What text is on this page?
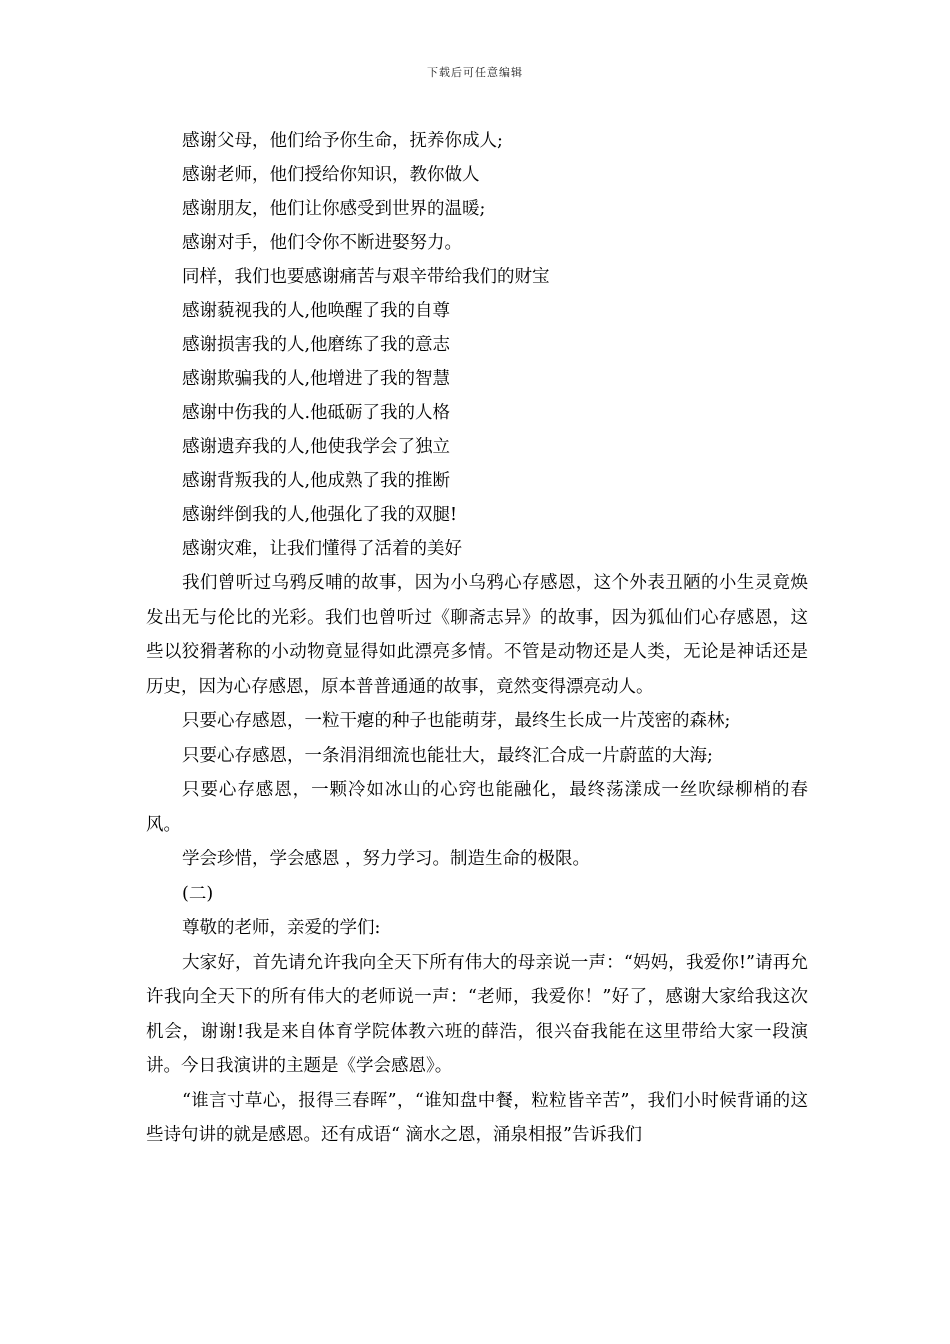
下载后可任意编辑
感谢父母，他们给予你生命，抚养你成人;
感谢老师，他们授给你知识，教你做人
感谢朋友，他们让你感受到世界的温暖;
感谢对手，他们令你不断进娶努力。
同样，我们也要感谢痛苦与艰辛带给我们的财宝
感谢藐视我的人,他唤醒了我的自尊
感谢损害我的人,他磨练了我的意志
感谢欺骗我的人,他增进了我的智慧
感谢中伤我的人.他砥砺了我的人格
感谢遗弃我的人,他使我学会了独立
感谢背叛我的人,他成熟了我的推断
感谢绊倒我的人,他强化了我的双腿!
感谢灾难，让我们懂得了活着的美好
我们曾听过乌鸦反哺的故事，因为小乌鸦心存感恩，这个外表丑陋的小生灵竟焕发出无与伦比的光彩。我们也曾听过《聊斋志异》的故事，因为狐仙们心存感恩，这些以狡猾著称的小动物竟显得如此漂亮多情。不管是动物还是人类，无论是神话还是历史，因为心存感恩，原本普普通通的故事，竟然变得漂亮动人。
只要心存感恩，一粒干瘪的种子也能萌芽，最终生长成一片茂密的森林;
只要心存感恩，一条涓涓细流也能壮大，最终汇合成一片蔚蓝的大海;
只要心存感恩，一颗冷如冰山的心窍也能融化，最终荡漾成一丝吹绿柳梢的春风。
学会珍惜，学会感恩 ，努力学习。制造生命的极限。
(二)
尊敬的老师，亲爱的学们:
大家好，首先请允许我向全天下所有伟大的母亲说一声：“妈妈，我爱你!”请再允许我向全天下的所有伟大的老师说一声：“老师，我爱你！”好了，感谢大家给我这次机会，谢谢!我是来自体育学院体教六班的薛浩，很兴奋我能在这里带给大家一段演讲。今日我演讲的主题是《学会感恩》。
“谁言寸草心，报得三春晖”，“谁知盘中餐，粒粒皆辛苦”，我们小时候背诵的这些诗句讲的就是感恩。还有成语“ 滴水之恩，涌泉相报”告诉我们
